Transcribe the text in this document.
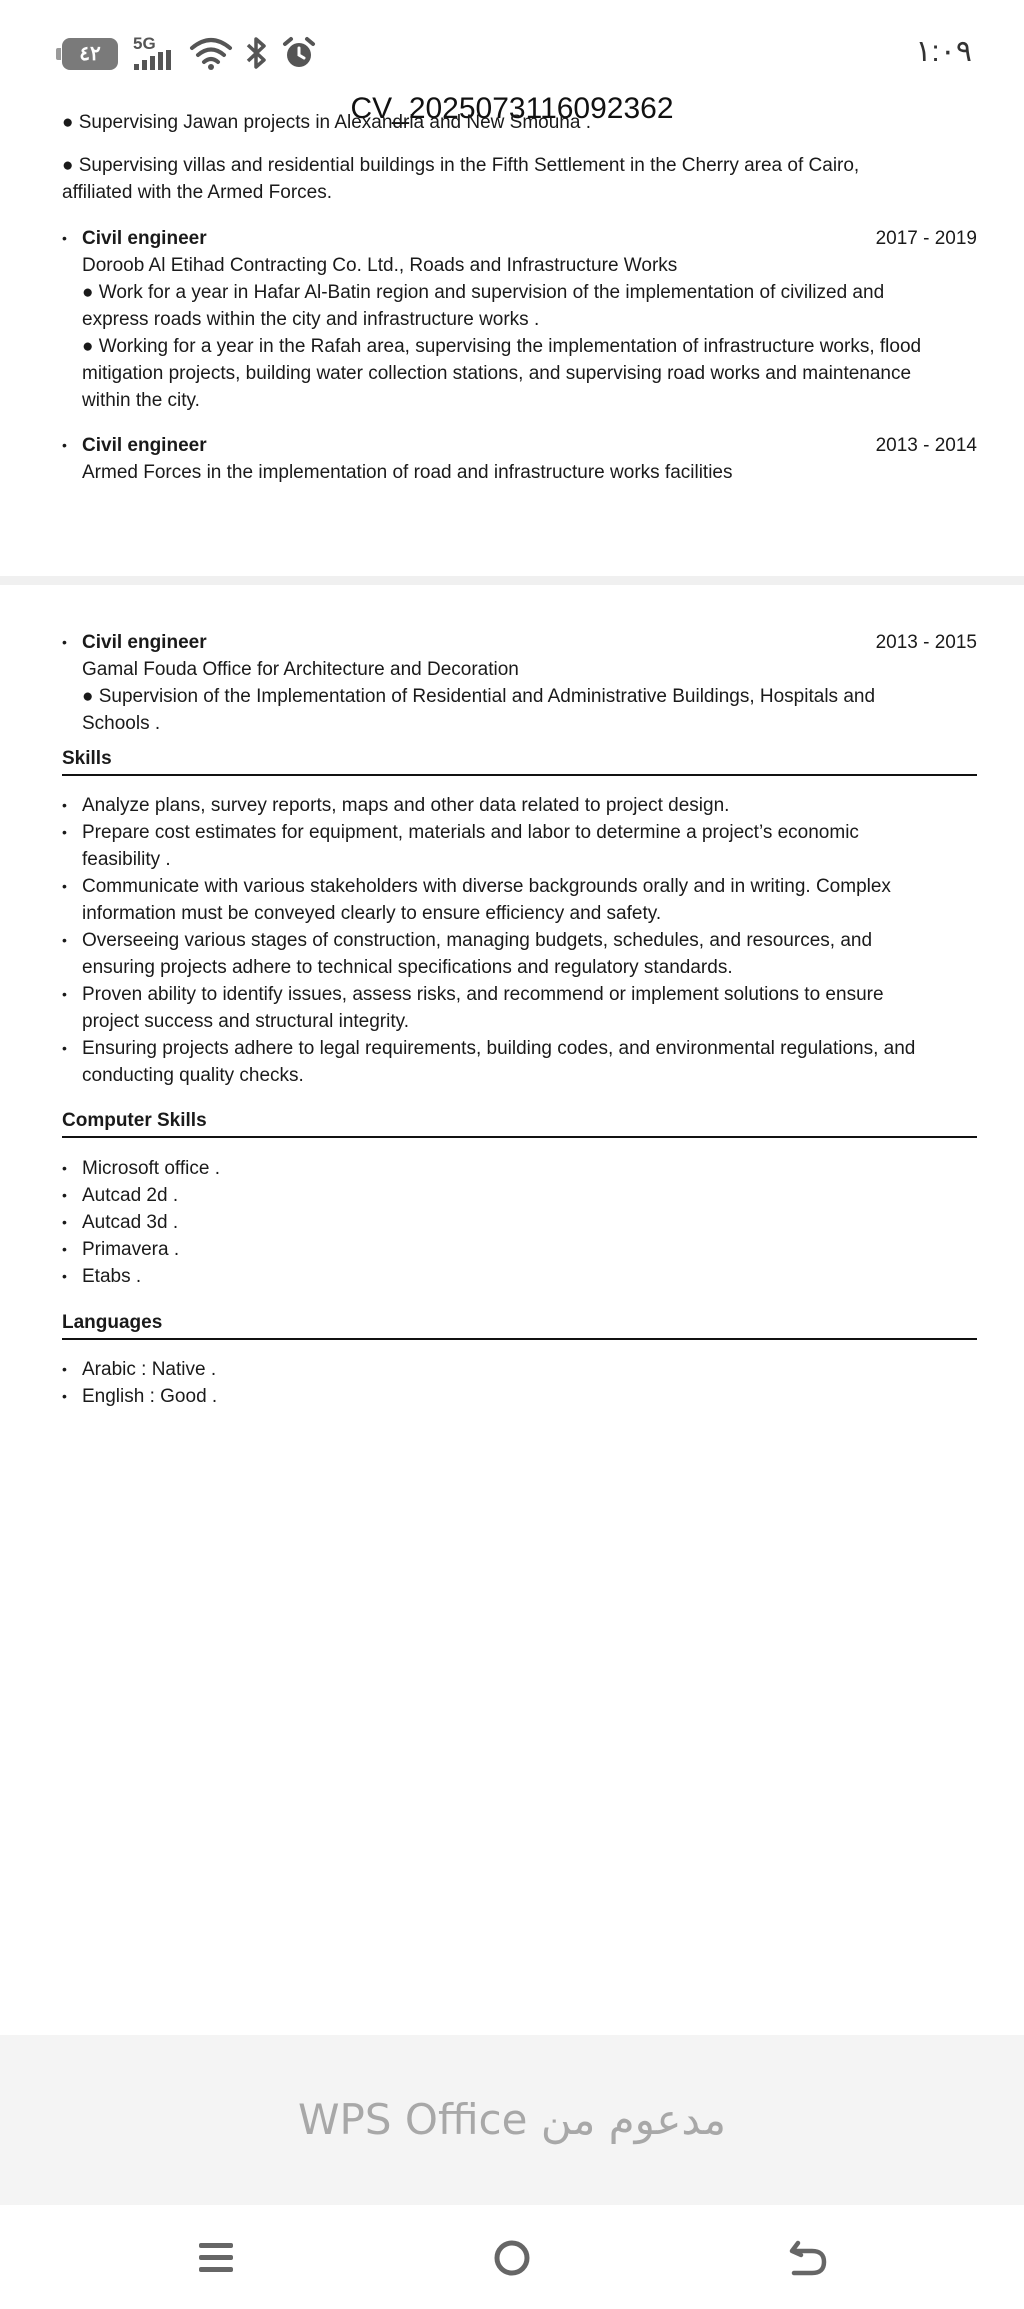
٤٢	5G	١:٠٩
CV_2025073116092362
● Supervising Jawan projects in Alexandria and New Smouha .
● Supervising villas and residential buildings in the Fifth Settlement in the Cherry area of Cairo,
affiliated with the Armed Forces.
• Civil engineer	2017 - 2019
Doroob Al Etihad Contracting Co. Ltd., Roads and Infrastructure Works
● Work for a year in Hafar Al-Batin region and supervision of the implementation of civilized and
express roads within the city and infrastructure works .
● Working for a year in the Rafah area, supervising the implementation of infrastructure works, flood
mitigation projects, building water collection stations, and supervising road works and maintenance
within the city.
• Civil engineer	2013 - 2014
Armed Forces in the implementation of road and infrastructure works facilities
• Civil engineer	2013 - 2015
Gamal Fouda Office for Architecture and Decoration
● Supervision of the Implementation of Residential and Administrative Buildings, Hospitals and
Schools .
Skills
• Analyze plans, survey reports, maps and other data related to project design.
• Prepare cost estimates for equipment, materials and labor to determine a project’s economic
feasibility .
• Communicate with various stakeholders with diverse backgrounds orally and in writing. Complex
information must be conveyed clearly to ensure efficiency and safety.
• Overseeing various stages of construction, managing budgets, schedules, and resources, and
ensuring projects adhere to technical specifications and regulatory standards.
• Proven ability to identify issues, assess risks, and recommend or implement solutions to ensure
project success and structural integrity.
• Ensuring projects adhere to legal requirements, building codes, and environmental regulations, and
conducting quality checks.
Computer Skills
• Microsoft office .
• Autcad 2d .
• Autcad 3d .
• Primavera .
• Etabs .
Languages
• Arabic : Native .
• English : Good .
WPS Office مدعوم من
